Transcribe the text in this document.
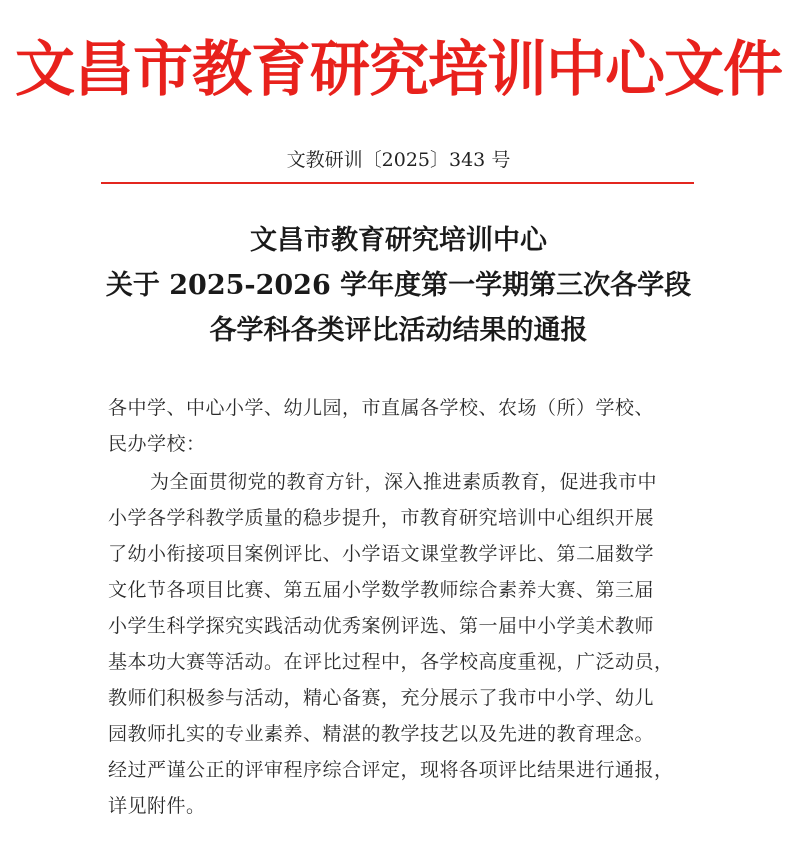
文昌市教育研究培训中心文件
文教研训〔2025〕343 号
文昌市教育研究培训中心
关于 2025-2026 学年度第一学期第三次各学段
各学科各类评比活动结果的通报
各中学、中心小学、幼儿园，市直属各学校、农场（所）学校、
民办学校：
为全面贯彻党的教育方针，深入推进素质教育，促进我市中
小学各学科教学质量的稳步提升，市教育研究培训中心组织开展
了幼小衔接项目案例评比、小学语文课堂教学评比、第二届数学
文化节各项目比赛、第五届小学数学教师综合素养大赛、第三届
小学生科学探究实践活动优秀案例评选、第一届中小学美术教师
基本功大赛等活动。在评比过程中，各学校高度重视，广泛动员，
教师们积极参与活动，精心备赛，充分展示了我市中小学、幼儿
园教师扎实的专业素养、精湛的教学技艺以及先进的教育理念。
经过严谨公正的评审程序综合评定，现将各项评比结果进行通报，
详见附件。
